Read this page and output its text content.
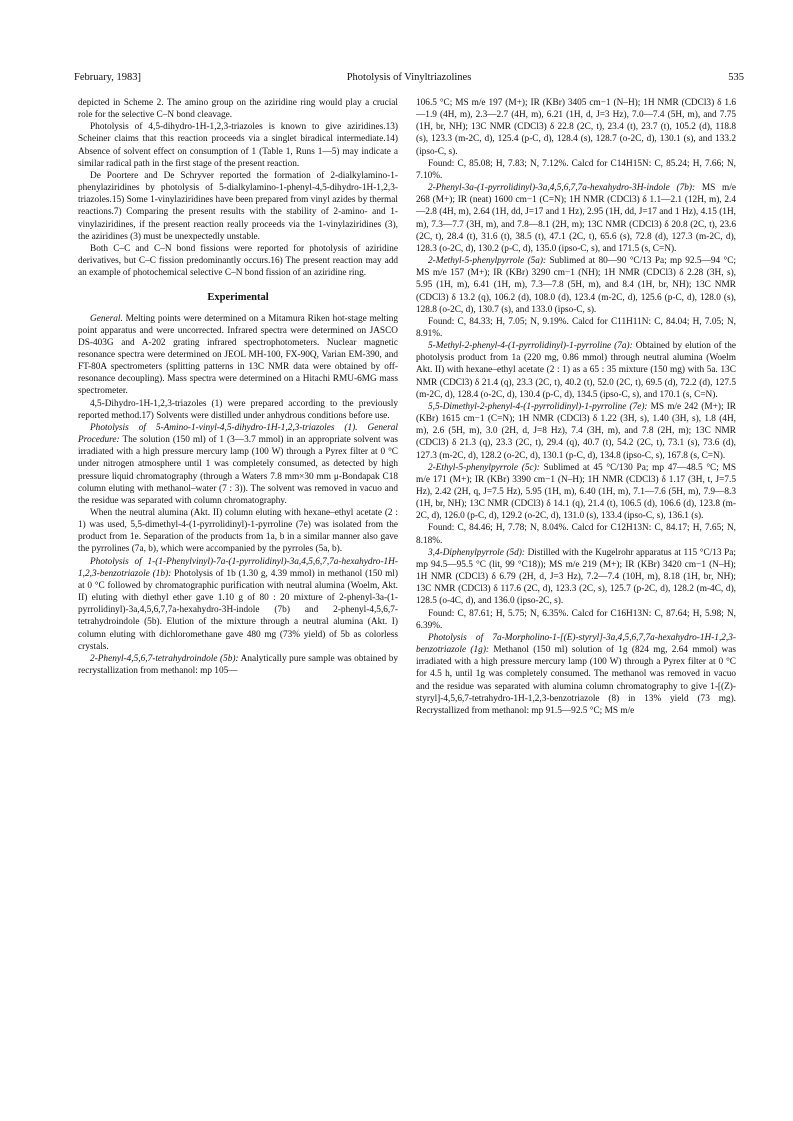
February, 1983]	Photolysis of Vinyltriazolines	535

depicted in Scheme 2. The amino group on the aziridine ring would play a crucial role for the selective C–N bond cleavage.

Photolysis of 4,5-dihydro-1H-1,2,3-triazoles is known to give aziridines.13) Scheiner claims that this reaction proceeds via a singlet biradical intermediate.14) Absence of solvent effect on consumption of 1 (Table 1, Runs 1—5) may indicate a similar radical path in the first stage of the present reaction.

De Poortere and De Schryver reported the formation of 2-dialkylamino-1-phenylaziridines by photolysis of 5-dialkylamino-1-phenyl-4,5-dihydro-1H-1,2,3-triazoles.15) Some 1-vinylaziridines have been prepared from vinyl azides by thermal reactions.7) Comparing the present results with the stability of 2-amino- and 1-vinylaziridines, if the present reaction really proceeds via the 1-vinylaziridines (3), the aziridines (3) must be unexpectedly unstable.

Both C–C and C–N bond fissions were reported for photolysis of aziridine derivatives, but C–C fission predominantly occurs.16) The present reaction may add an example of photochemical selective C–N bond fission of an aziridine ring.

Experimental

General. Melting points were determined on a Mitamura Riken hot-stage melting point apparatus and were uncorrected. Infrared spectra were determined on JASCO DS-403G and A-202 grating infrared spectrophotometers. Nuclear magnetic resonance spectra were determined on JEOL MH-100, FX-90Q, Varian EM-390, and FT-80A spectrometers (splitting patterns in 13C NMR data were obtained by off-resonance decoupling). Mass spectra were determined on a Hitachi RMU-6MG mass spectrometer.

4,5-Dihydro-1H-1,2,3-triazoles (1) were prepared according to the previously reported method.17) Solvents were distilled under anhydrous conditions before use.

Photolysis of 5-Amino-1-vinyl-4,5-dihydro-1H-1,2,3-triazoles (1). General Procedure: The solution (150 ml) of 1 (3—3.7 mmol) in an appropriate solvent was irradiated with a high pressure mercury lamp (100 W) through a Pyrex filter at 0 °C under nitrogen atmosphere until 1 was completely consumed, as detected by high pressure liquid chromatography (through a Waters 7.8 mm×30 mm μ-Bondapak C18 column eluting with methanol–water (7 : 3)). The solvent was removed in vacuo and the residue was separated with column chromatography.

When the neutral alumina (Akt. II) column eluting with hexane–ethyl acetate (2 : 1) was used, 5,5-dimethyl-4-(1-pyrrolidinyl)-1-pyrroline (7e) was isolated from the product from 1e. Separation of the products from 1a, b in a similar manner also gave the pyrrolines (7a, b), which were accompanied by the pyrroles (5a, b).

Photolysis of 1-(1-Phenylvinyl)-7a-(1-pyrrolidinyl)-3a,4,5,6,7,7a-hexahydro-1H-1,2,3-benzotriazole (1b): Photolysis of 1b (1.30 g, 4.39 mmol) in methanol (150 ml) at 0 °C followed by chromatographic purification with neutral alumina (Woelm, Akt. II) eluting with diethyl ether gave 1.10 g of 80 : 20 mixture of 2-phenyl-3a-(1-pyrrolidinyl)-3a,4,5,6,7,7a-hexahydro-3H-indole (7b) and 2-phenyl-4,5,6,7-tetrahydroindole (5b). Elution of the mixture through a neutral alumina (Akt. I) column eluting with dichloromethane gave 480 mg (73% yield) of 5b as colorless crystals.

2-Phenyl-4,5,6,7-tetrahydroindole (5b): Analytically pure sample was obtained by recrystallization from methanol: mp 105—

106.5 °C; MS m/e 197 (M+); IR (KBr) 3405 cm−1 (N–H); 1H NMR (CDCl3) δ 1.6—1.9 (4H, m), 2.3—2.7 (4H, m), 6.21 (1H, d, J=3 Hz), 7.0—7.4 (5H, m), and 7.75 (1H, br, NH); 13C NMR (CDCl3) δ 22.8 (2C, t), 23.4 (t), 23.7 (t), 105.2 (d), 118.8 (s), 123.3 (m-2C, d), 125.4 (p-C, d), 128.4 (s), 128.7 (o-2C, d), 130.1 (s), and 133.2 (ipso-C, s).

Found: C, 85.08; H, 7.83; N, 7.12%. Calcd for C14H15N: C, 85.24; H, 7.66; N, 7.10%.

2-Phenyl-3a-(1-pyrrolidinyl)-3a,4,5,6,7,7a-hexahydro-3H-indole (7b): MS m/e 268 (M+); IR (neat) 1600 cm−1 (C=N); 1H NMR (CDCl3) δ 1.1—2.1 (12H, m), 2.4—2.8 (4H, m), 2.64 (1H, dd, J=17 and 1 Hz), 2.95 (1H, dd, J=17 and 1 Hz), 4.15 (1H, m), 7.3—7.7 (3H, m), and 7.8—8.1 (2H, m); 13C NMR (CDCl3) δ 20.8 (2C, t), 23.6 (2C, t), 28.4 (t), 31.6 (t), 38.5 (t), 47.1 (2C, t), 65.6 (s), 72.8 (d), 127.3 (m-2C, d), 128.3 (o-2C, d), 130.2 (p-C, d), 135.0 (ipso-C, s), and 171.5 (s, C=N).

2-Methyl-5-phenylpyrrole (5a): Sublimed at 80—90 °C/13 Pa; mp 92.5—94 °C; MS m/e 157 (M+); IR (KBr) 3290 cm−1 (NH); 1H NMR (CDCl3) δ 2.28 (3H, s), 5.95 (1H, m), 6.41 (1H, m), 7.3—7.8 (5H, m), and 8.4 (1H, br, NH); 13C NMR (CDCl3) δ 13.2 (q), 106.2 (d), 108.0 (d), 123.4 (m-2C, d), 125.6 (p-C, d), 128.0 (s), 128.8 (o-2C, d), 130.7 (s), and 133.0 (ipso-C, s).

Found: C, 84.33; H, 7.05; N, 9.19%. Calcd for C11H11N: C, 84.04; H, 7.05; N, 8.91%.

5-Methyl-2-phenyl-4-(1-pyrrolidinyl)-1-pyrroline (7a): Obtained by elution of the photolysis product from 1a (220 mg, 0.86 mmol) through neutral alumina (Woelm Akt. II) with hexane–ethyl acetate (2 : 1) as a 65 : 35 mixture (150 mg) with 5a. 13C NMR (CDCl3) δ 21.4 (q), 23.3 (2C, t), 40.2 (t), 52.0 (2C, t), 69.5 (d), 72.2 (d), 127.5 (m-2C, d), 128.4 (o-2C, d), 130.4 (p-C, d), 134.5 (ipso-C, s), and 170.1 (s, C=N).

5,5-Dimethyl-2-phenyl-4-(1-pyrrolidinyl)-1-pyrroline (7e): MS m/e 242 (M+); IR (KBr) 1615 cm−1 (C=N); 1H NMR (CDCl3) δ 1.22 (3H, s), 1.40 (3H, s), 1.8 (4H, m), 2.6 (5H, m), 3.0 (2H, d, J=8 Hz), 7.4 (3H, m), and 7.8 (2H, m); 13C NMR (CDCl3) δ 21.3 (q), 23.3 (2C, t), 29.4 (q), 40.7 (t), 54.2 (2C, t), 73.1 (s), 73.6 (d), 127.3 (m-2C, d), 128.2 (o-2C, d), 130.1 (p-C, d), 134.8 (ipso-C, s), 167.8 (s, C=N).

2-Ethyl-5-phenylpyrrole (5c): Sublimed at 45 °C/130 Pa; mp 47—48.5 °C; MS m/e 171 (M+); IR (KBr) 3390 cm−1 (N–H); 1H NMR (CDCl3) δ 1.17 (3H, t, J=7.5 Hz), 2.42 (2H, q, J=7.5 Hz), 5.95 (1H, m), 6.40 (1H, m), 7.1—7.6 (5H, m), 7.9—8.3 (1H, br, NH); 13C NMR (CDCl3) δ 14.1 (q), 21.4 (t), 106.5 (d), 106.6 (d), 123.8 (m-2C, d), 126.0 (p-C, d), 129.2 (o-2C, d), 131.0 (s), 133.4 (ipso-C, s), 136.1 (s).

Found: C, 84.46; H, 7.78; N, 8.04%. Calcd for C12H13N: C, 84.17; H, 7.65; N, 8.18%.

3,4-Diphenylpyrrole (5d): Distilled with the Kugelrohr apparatus at 115 °C/13 Pa; mp 94.5—95.5 °C (lit, 99 °C18)); MS m/e 219 (M+); IR (KBr) 3420 cm−1 (N–H); 1H NMR (CDCl3) δ 6.79 (2H, d, J=3 Hz), 7.2—7.4 (10H, m), 8.18 (1H, br, NH); 13C NMR (CDCl3) δ 117.6 (2C, d), 123.3 (2C, s), 125.7 (p-2C, d), 128.2 (m-4C, d), 128.5 (o-4C, d), and 136.0 (ipso-2C, s).

Found: C, 87.61; H, 5.75; N, 6.35%. Calcd for C16H13N: C, 87.64; H, 5.98; N, 6.39%.

Photolysis of 7a-Morpholino-1-[(E)-styryl]-3a,4,5,6,7,7a-hexahydro-1H-1,2,3-benzotriazole (1g): Methanol (150 ml) solution of 1g (824 mg, 2.64 mmol) was irradiated with a high pressure mercury lamp (100 W) through a Pyrex filter at 0 °C for 4.5 h, until 1g was completely consumed. The methanol was removed in vacuo and the residue was separated with alumina column chromatography to give 1-[(Z)-styryl]-4,5,6,7-tetrahydro-1H-1,2,3-benzotriazole (8) in 13% yield (73 mg). Recrystallized from methanol: mp 91.5—92.5 °C; MS m/e
